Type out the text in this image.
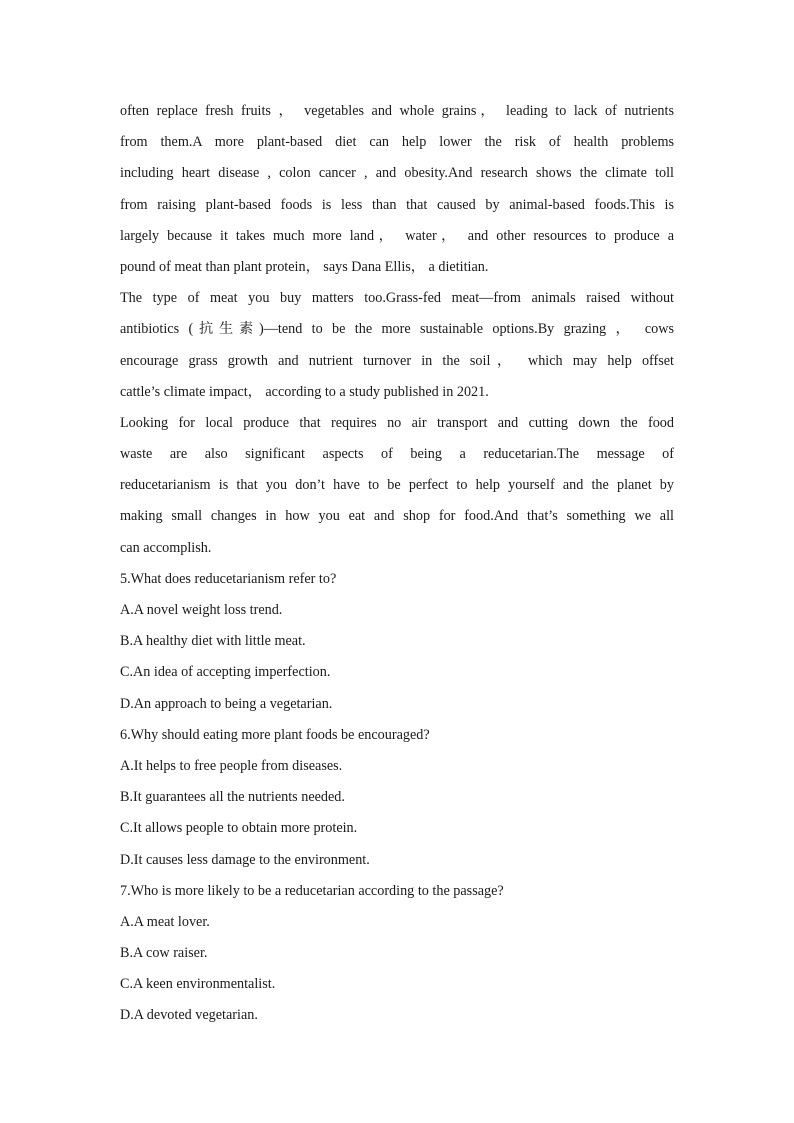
often replace fresh fruits ， vegetables and whole grains， leading to lack of nutrients
from them.A more plant-based diet can help lower the risk of health problems
including heart disease , colon cancer , and obesity.And research shows the climate toll
from raising plant-based foods is less than that caused by animal-based foods.This is
largely because it takes much more land， water， and other resources to produce a
pound of meat than plant protein， says Dana Ellis， a dietitian.
The type of meat you buy matters too.Grass-fed meat—from animals raised without
antibiotics (抗生素)—tend to be the more sustainable options.By grazing ， cows
encourage grass growth and nutrient turnover in the soil， which may help offset
cattle’s climate impact， according to a study published in 2021.
Looking for local produce that requires no air transport and cutting down the food
waste are also significant aspects of being a reducetarian.The message of
reducetarianism is that you don’t have to be perfect to help yourself and the planet by
making small changes in how you eat and shop for food.And that’s something we all
can accomplish.
5.What does reducetarianism refer to?
A.A novel weight loss trend.
B.A healthy diet with little meat.
C.An idea of accepting imperfection.
D.An approach to being a vegetarian.
6.Why should eating more plant foods be encouraged?
A.It helps to free people from diseases.
B.It guarantees all the nutrients needed.
C.It allows people to obtain more protein.
D.It causes less damage to the environment.
7.Who is more likely to be a reducetarian according to the passage?
A.A meat lover.
B.A cow raiser.
C.A keen environmentalist.
D.A devoted vegetarian.
